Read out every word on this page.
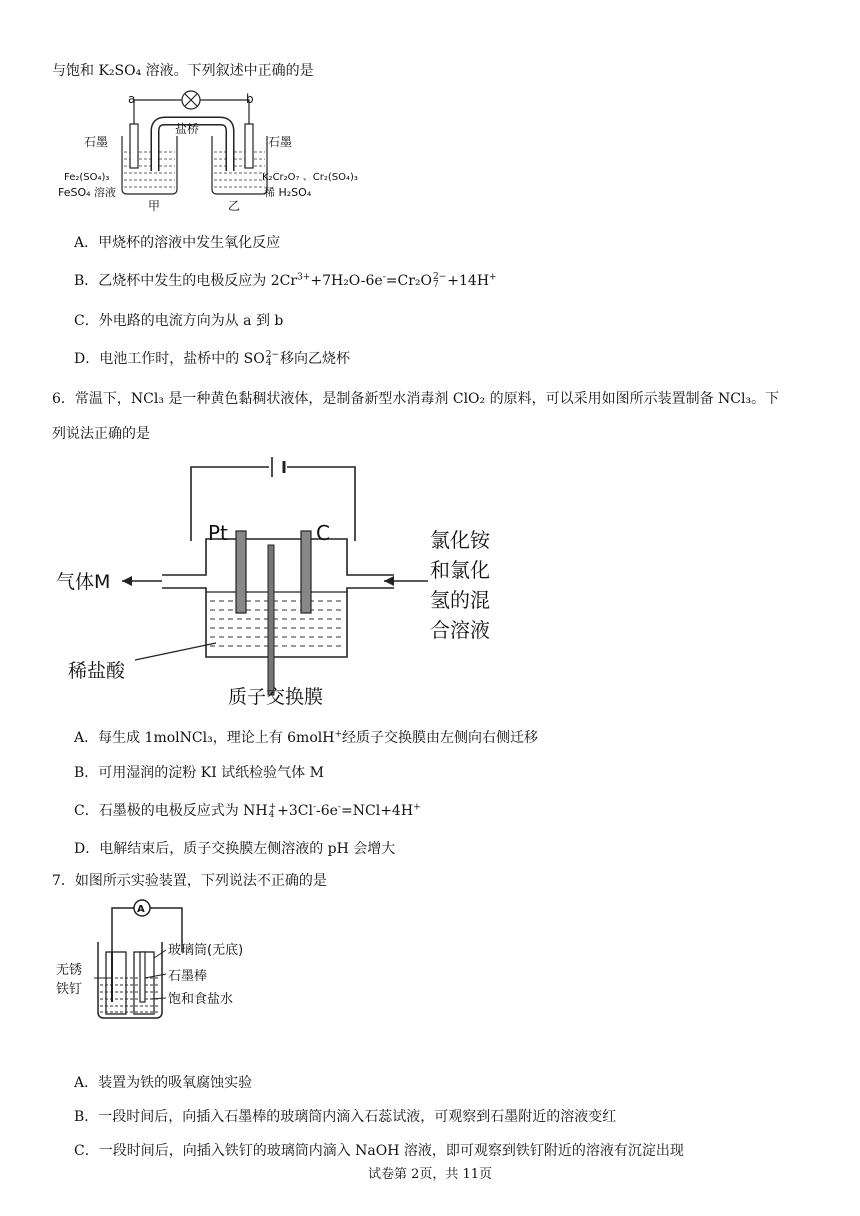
与饱和 K₂SO₄ 溶液。下列叙述中正确的是
a	b
盐桥
石墨	石墨
Fe₂(SO₄)₃
FeSO₄ 溶液
K₂Cr₂O₇ 、Cr₂(SO₄)₃
稀 H₂SO₄
甲	乙
A．甲烧杯的溶液中发生氧化反应
B．乙烧杯中发生的电极反应为 $2Cr^{3+}+7H_2O-6e^-=Cr_2O$ 2−
7 +14H+
C．外电路的电流方向为从 a 到 b
D．电池工作时，盐桥中的 SO 2−
4 移向乙烧杯
6．常温下，NCl₃ 是一种黄色黏稠状液体，是制备新型水消毒剂 ClO₂ 的原料，可以采用如图所示装置制备 NCl₃。下
列说法正确的是
Pt	C
气体M
氯化铵
和氯化
氢的混
合溶液
稀盐酸
质子交换膜
A．每生成 1molNCl₃，理论上有 6molH+经质子交换膜由左侧向右侧迁移
B．可用湿润的淀粉 KI 试纸检验气体 M
C．石墨极的电极反应式为 NH +
4 +3Cl--6e-=NCl+4H+
D．电解结束后，质子交换膜左侧溶液的 pH 会增大
7．如图所示实验装置，下列说法不正确的是
A
玻璃筒(无底)
石墨棒
饱和食盐水
无锈
铁钉
A．装置为铁的吸氧腐蚀实验
B．一段时间后，向插入石墨棒的玻璃筒内滴入石蕊试液，可观察到石墨附近的溶液变红
C．一段时间后，向插入铁钉的玻璃筒内滴入 NaOH 溶液，即可观察到铁钉附近的溶液有沉淀出现
试卷第 2页，共 11页
